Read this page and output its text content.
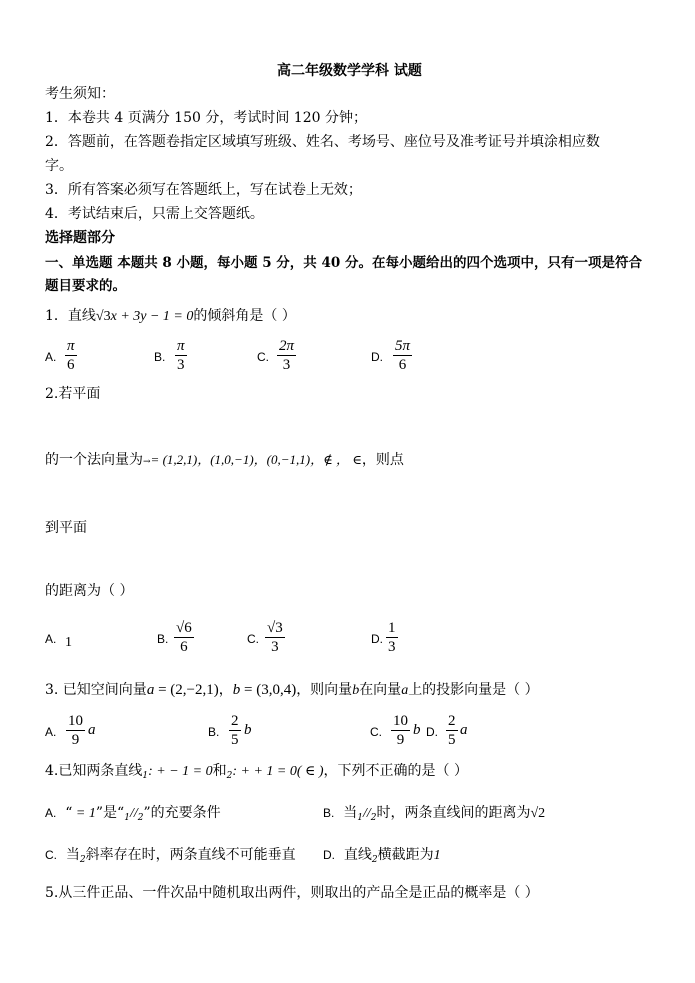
高二年级数学学科 试题
考生须知：
1．本卷共 4 页满分 150 分，考试时间 120 分钟；
2．答题前，在答题卷指定区域填写班级、姓名、考场号、座位号及准考证号并填涂相应数
字。
3．所有答案必须写在答题纸上，写在试卷上无效；
4．考试结束后，只需上交答题纸。
选择题部分
一、单选题 本题共 8 小题，每小题 5 分，共 40 分。在每小题给出的四个选项中，只有一项是符合
题目要求的。
1．直线√3x + 3y − 1 = 0的倾斜角是（ ）
A.
π
6	B.
π
3	C.
2π
3	D.
5π
6
2.若平面
的一个法向量为→= (1,2,1)，(1,0,−1)，(0,−1,1)，∉ ， ∈，则点
到平面
的距离为（ ）
A. 1	B.
√6
6	C.
√3
3	D.
1
3
3. 已知空间向量a = (2,−2,1)，b = (3,0,4)，则向量b在向量a上的投影向量是（ ）
A.
10
9
a	B.
2
5
b	C.
10
9
b D.
2
5
a
4.已知两条直线$_1$: + − 1 = 0和$_2$: + + 1 = 0( ∈ )，下列不正确的是（ ）
A. “ = 1”是“$_1//_2$”的充要条件	B. 当$_1//_2$时，两条直线间的距离为√2
C. 当$_2$斜率存在时，两条直线不可能垂直 D. 直线$_2$横截距为1
5.从三件正品、一件次品中随机取出两件，则取出的产品全是正品的概率是（ ）
